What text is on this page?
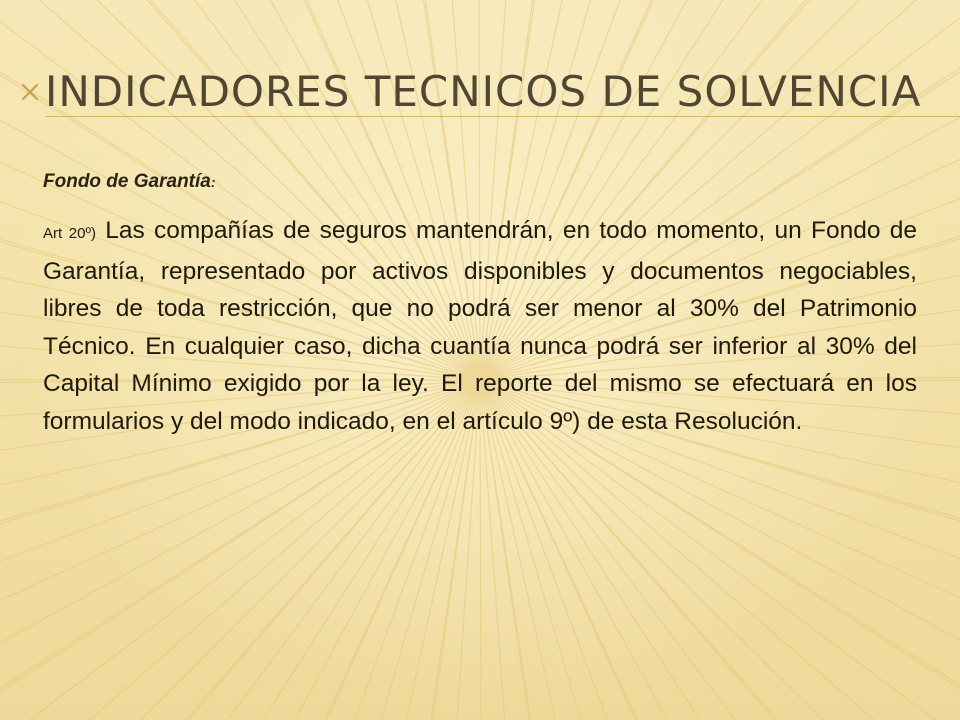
INDICADORES TECNICOS DE SOLVENCIA

Fondo de Garantía:

Art 20º) Las compañías de seguros mantendrán, en todo momento, un Fondo de Garantía, representado por activos disponibles y documentos negociables, libres de toda restricción, que no podrá ser menor al 30% del Patrimonio Técnico. En cualquier caso, dicha cuantía nunca podrá ser inferior al 30% del Capital Mínimo exigido por la ley. El reporte del mismo se efectuará en los formularios y del modo indicado, en el artículo 9º) de esta Resolución.
